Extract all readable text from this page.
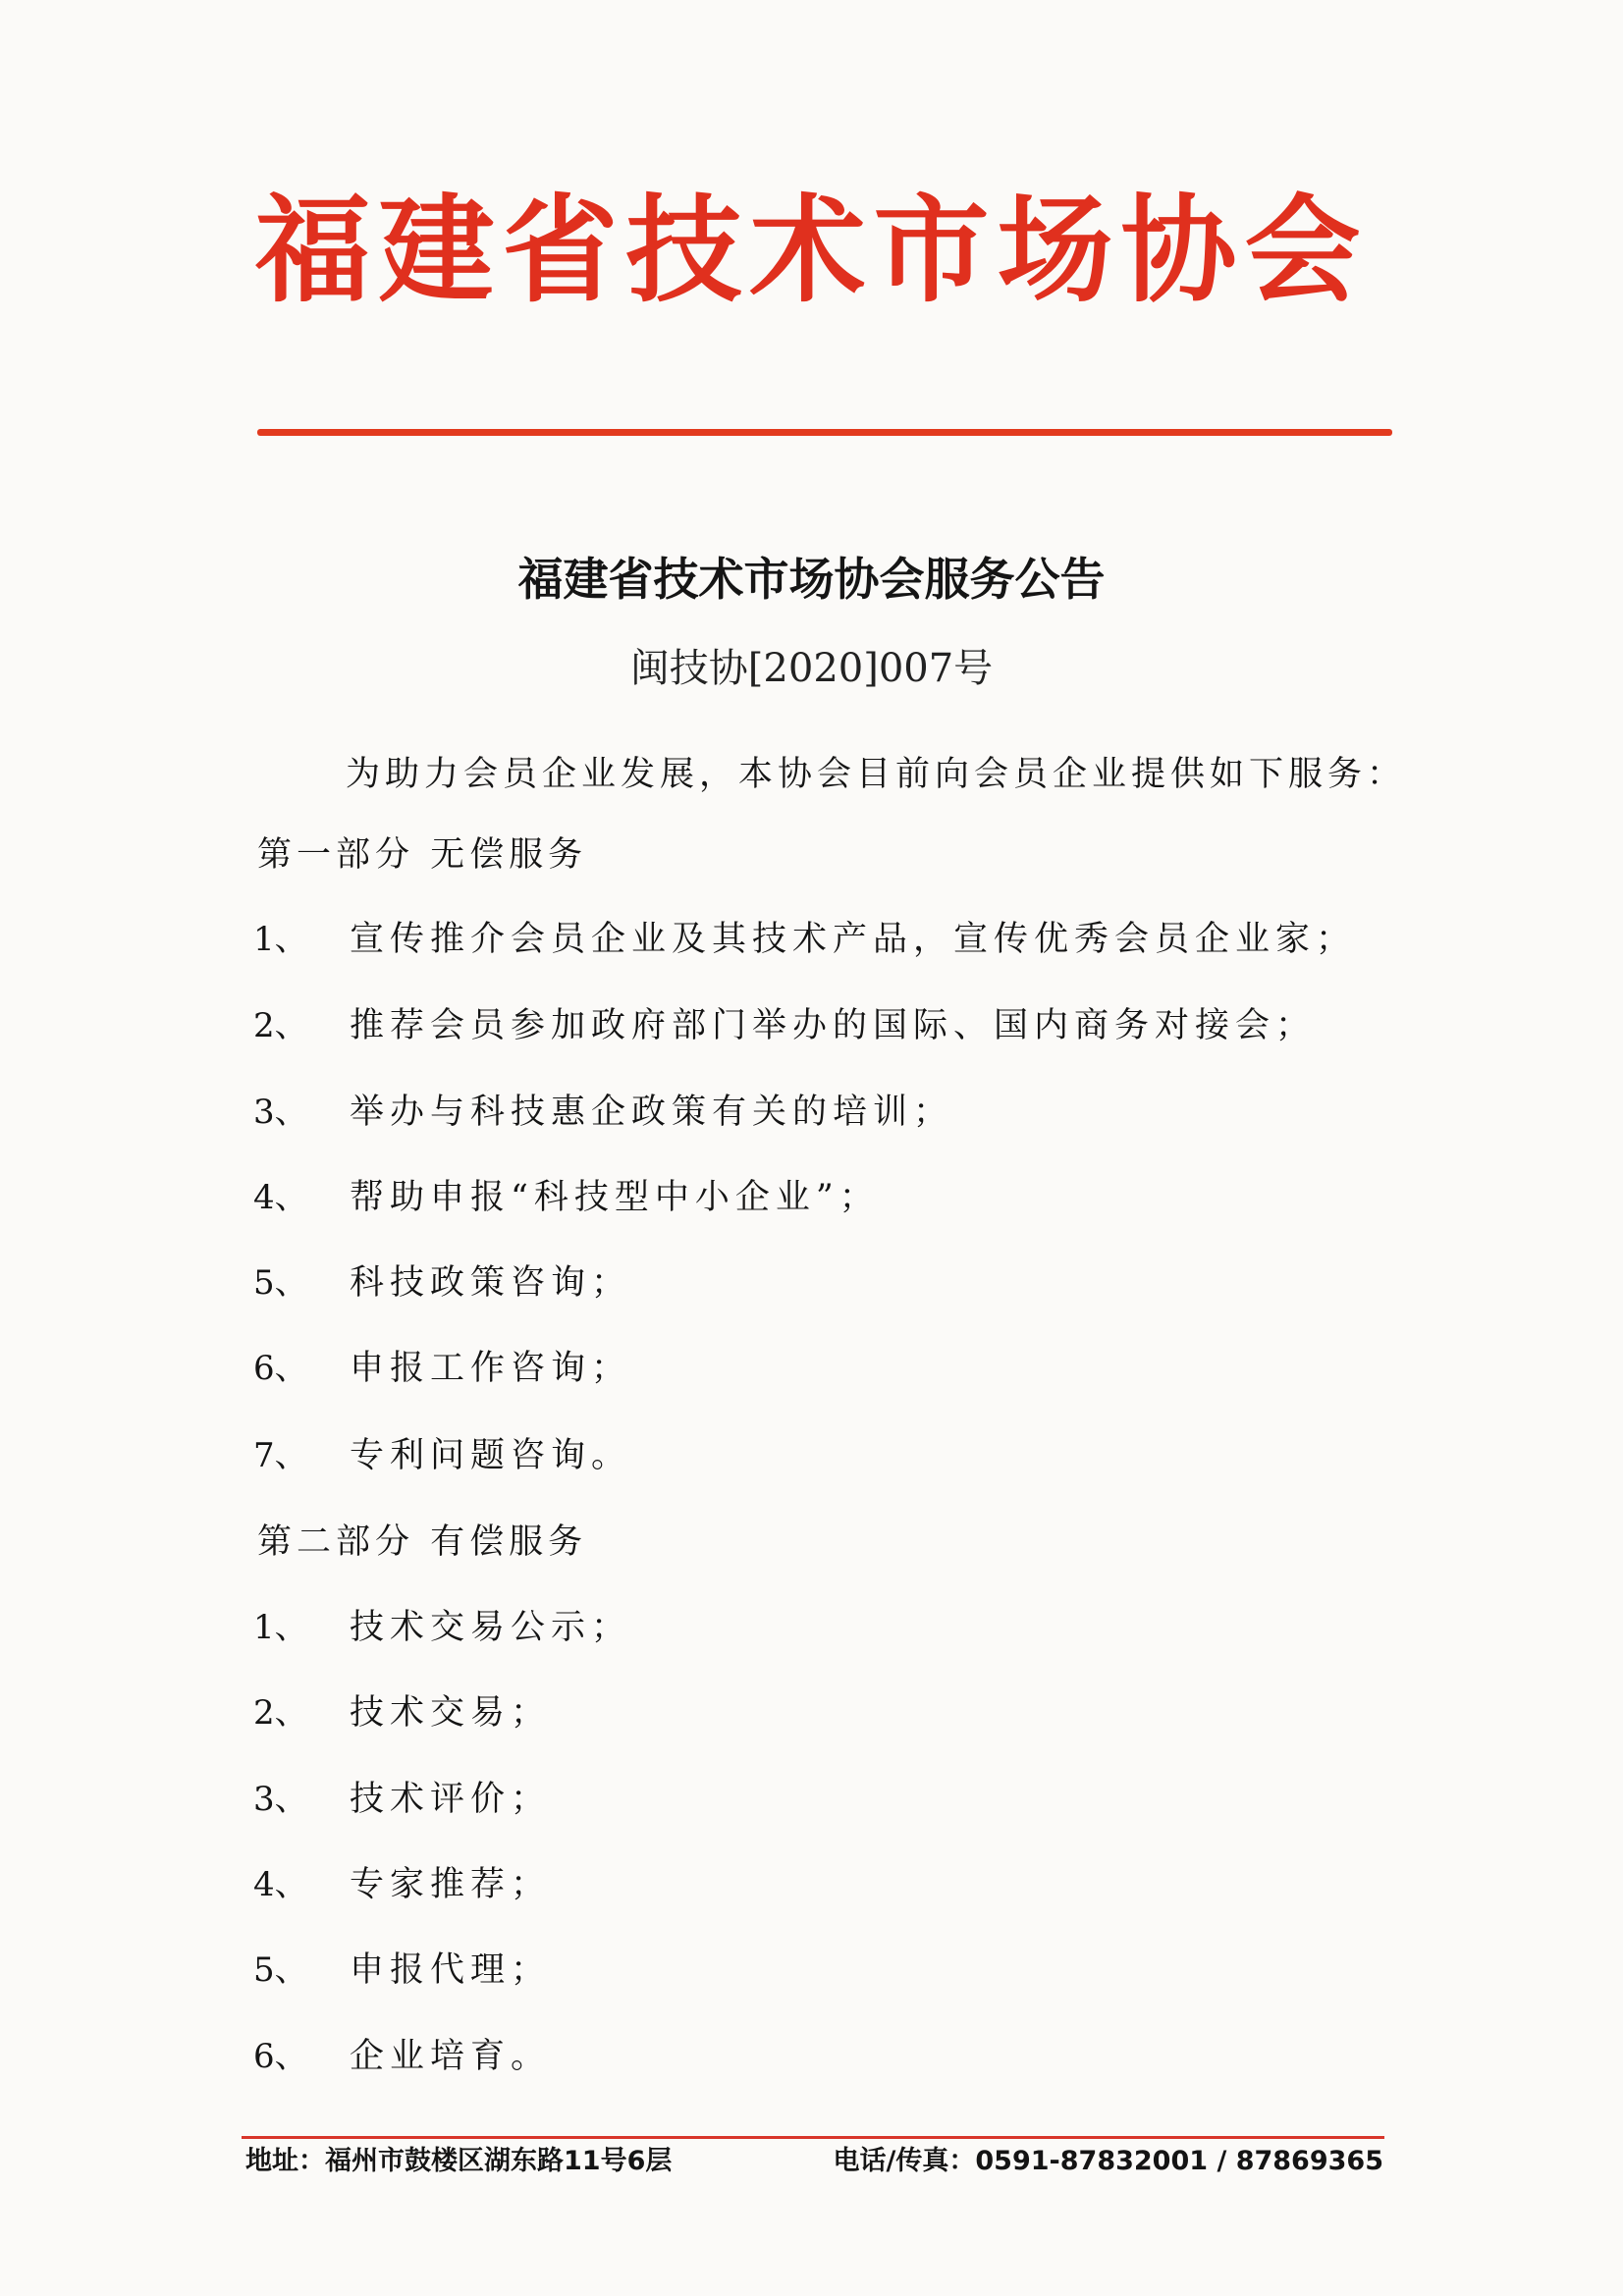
福建省技术市场协会
福建省技术市场协会服务公告
闽技协[2020]007号
为助力会员企业发展，本协会目前向会员企业提供如下服务：
第一部分 无偿服务
1、 宣传推介会员企业及其技术产品，宣传优秀会员企业家；
2、 推荐会员参加政府部门举办的国际、国内商务对接会；
3、 举办与科技惠企政策有关的培训；
4、 帮助申报“科技型中小企业”；
5、 科技政策咨询；
6、 申报工作咨询；
7、 专利问题咨询。
第二部分 有偿服务
1、 技术交易公示；
2、 技术交易；
3、 技术评价；
4、 专家推荐；
5、 申报代理；
6、 企业培育。
地址：福州市鼓楼区湖东路11号6层	电话/传真：0591-87832001 / 87869365
